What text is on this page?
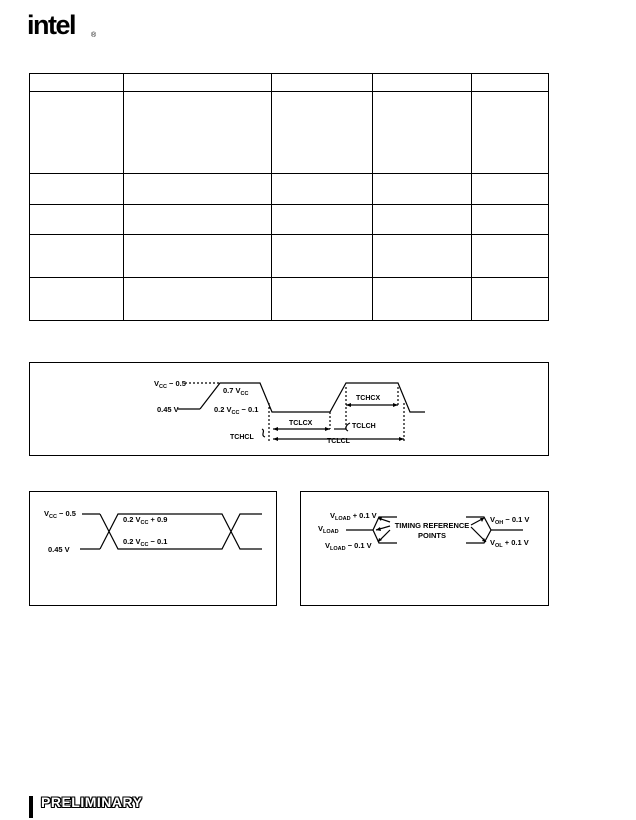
intel ®

$V_{CC} - 0.5$
0.45 V
0.7 $V_{CC}$
0.2 $V_{CC} - 0.1$
TCHCX
TCLCX	TCLCH
TCHCL
TCLCL
$V_{CC} - 0.5$
0.45 V
0.2 $V_{CC} + 0.9$
0.2 $V_{CC} - 0.1$
$V_{LOAD} + 0.1$ V
$V_{LOAD}$
$V_{LOAD} - 0.1$ V
TIMING REFERENCE
POINTS
$V_{OH} - 0.1$ V
$V_{OL} + 0.1$ V
PRELIMINARY
